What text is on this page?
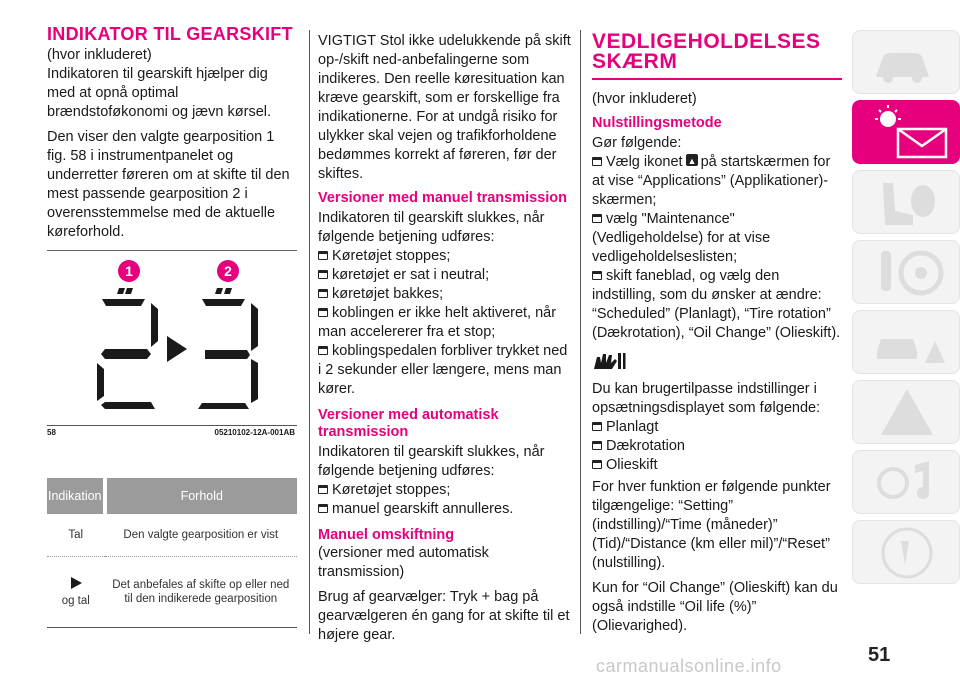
INDIKATOR TIL GEARSKIFT

(hvor inkluderet)

Indikatoren til gearskift hjælper dig med at opnå optimal brændstoføkonomi og jævn kørsel.

Den viser den valgte gearposition 1 fig. 58 i instrumentpanelet og underretter føreren om at skifte til den mest passende gearposition 2 i overensstemmelse med de aktuelle køreforhold.

1	2
58	05210102-12A-001AB
Indikation	Forhold
Tal	Den valgte gearposition er vist

og tal	Det anbefales af skifte op eller ned til den indikerede gearposition

VIGTIGT Stol ikke udelukkende på skift op-/skift ned-anbefalingerne som indikeres. Den reelle køresituation kan kræve gearskift, som er forskellige fra indikationerne. For at undgå risiko for ulykker skal vejen og trafikforholdene bedømmes korrekt af føreren, før der skiftes.

Versioner med manuel transmission

Indikatoren til gearskift slukkes, når følgende betjening udføres:

Køretøjet stoppes;
køretøjet er sat i neutral;
køretøjet bakkes;
koblingen er ikke helt aktiveret, når man accelererer fra et stop;
koblingspedalen forbliver trykket ned i 2 sekunder eller længere, mens man kører.
Versioner med automatisk transmission

Indikatoren til gearskift slukkes, når følgende betjening udføres:

Køretøjet stoppes;
manuel gearskift annulleres.
Manuel omskiftning

(versioner med automatisk transmission)

Brug af gearvælger: Tryk + bag på gearvælgeren én gang for at skifte til et højere gear.

VEDLIGEHOLDELSES SKÆRM

(hvor inkluderet)

Nulstillingsmetode

Gør følgende:

Vælg ikonet ▲ på startskærmen for at vise “Applications” (Applikationer)-skærmen;
vælg "Maintenance" (Vedligeholdelse) for at vise vedligeholdelseslisten;
skift faneblad, og vælg den indstilling, som du ønsker at ændre: “Scheduled” (Planlagt), “Tire rotation” (Dækrotation), “Oil Change” (Olieskift).

Du kan brugertilpasse indstillinger i opsætningsdisplayet som følgende:

Planlagt
Dækrotation
Olieskift

For hver funktion er følgende punkter tilgængelige: “Setting” (indstilling)/“Time (måneder)” (Tid)/“Distance (km eller mil)”/“Reset” (nulstilling).

Kun for “Oil Change” (Olieskift) kan du også indstille “Oil life (%)” (Olievarighed).

51
carmanualsonline.info
